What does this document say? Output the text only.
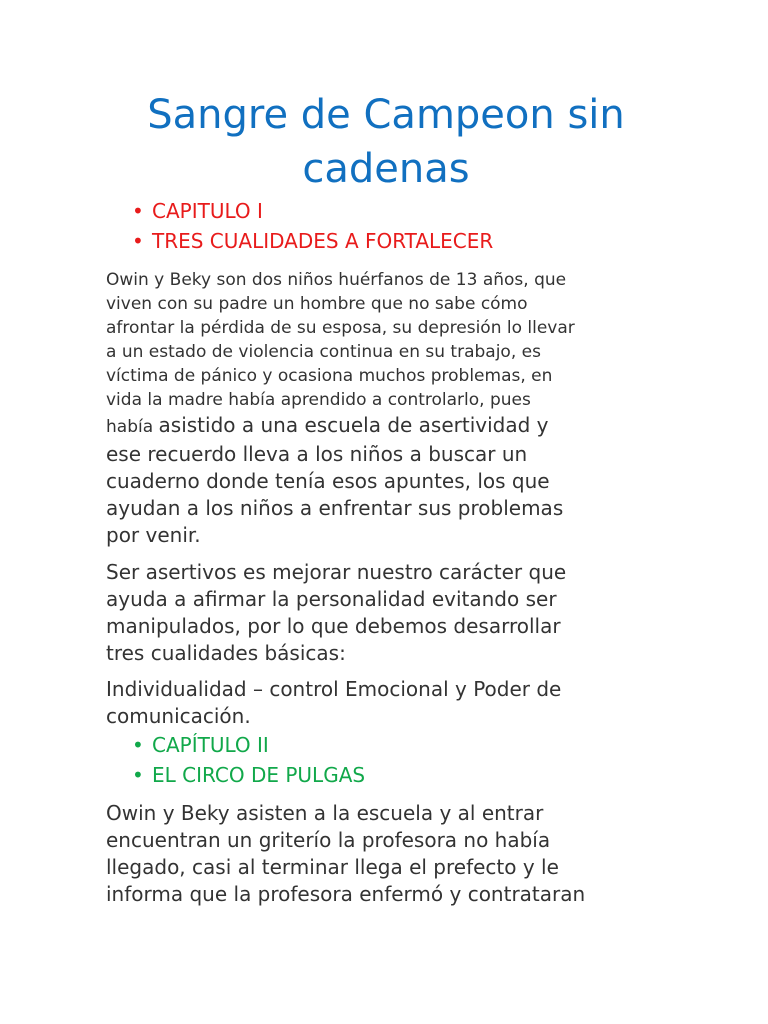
Sangre de Campeon sin cadenas
• CAPITULO I
• TRES CUALIDADES A FORTALECER

Owin y Beky son dos niños huérfanos de 13 años, que
viven con su padre un hombre que no sabe cómo
afrontar la pérdida de su esposa, su depresión lo llevar
a un estado de violencia continua en su trabajo, es
víctima de pánico y ocasiona muchos problemas, en
vida la madre había aprendido a controlarlo, pues
había asistido a una escuela de asertividad y
ese recuerdo lleva a los niños a buscar un
cuaderno donde tenía esos apuntes, los que
ayudan a los niños a enfrentar sus problemas
por venir.

Ser asertivos es mejorar nuestro carácter que
ayuda a afirmar la personalidad evitando ser
manipulados, por lo que debemos desarrollar
tres cualidades básicas:

Individualidad – control Emocional y Poder de
comunicación.

• CAPÍTULO II
• EL CIRCO DE PULGAS

Owin y Beky asisten a la escuela y al entrar
encuentran un griterío la profesora no había
llegado, casi al terminar llega el prefecto y le
informa que la profesora enfermó y contrataran
